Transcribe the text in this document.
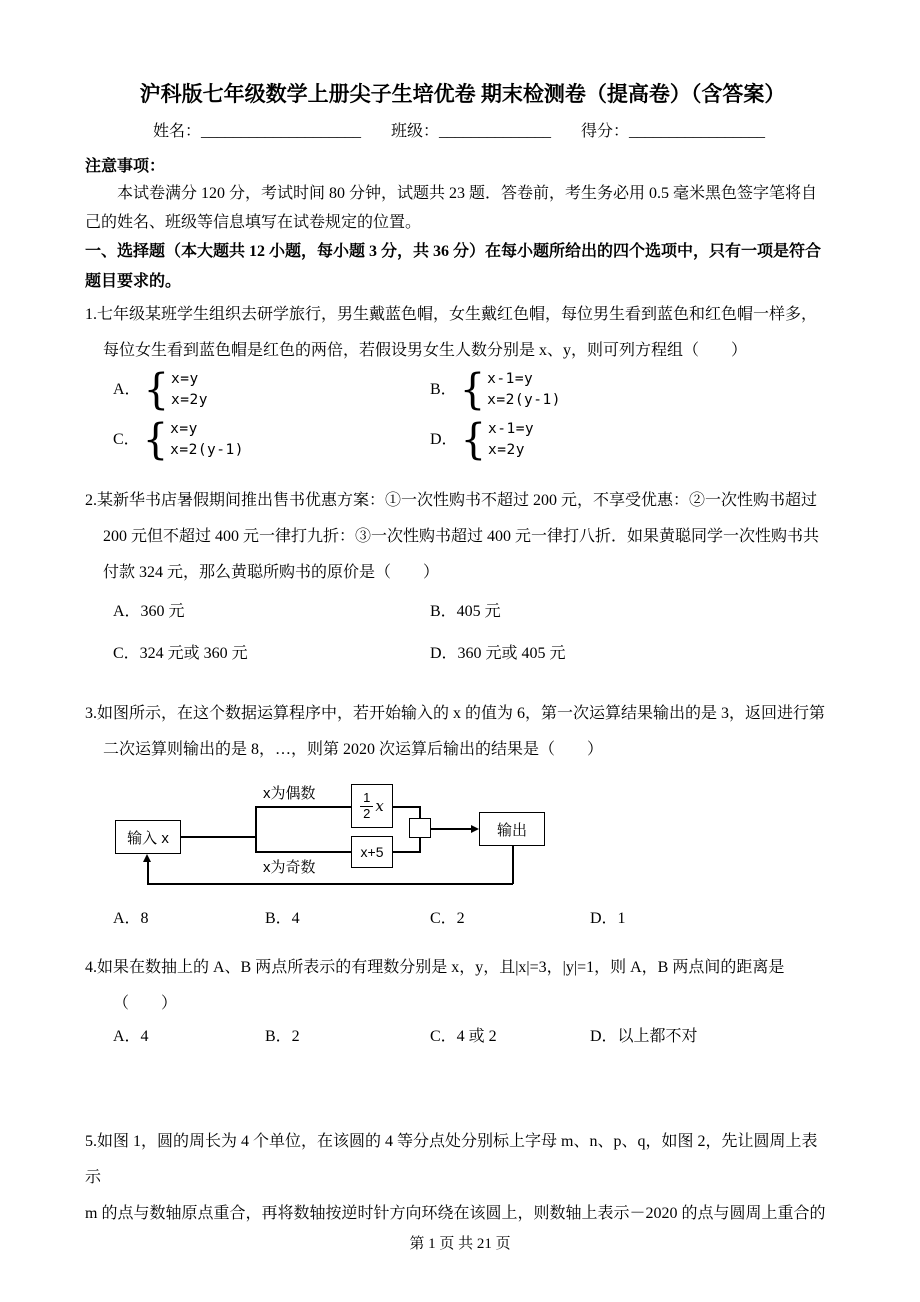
沪科版七年级数学上册尖子生培优卷 期末检测卷（提高卷）（含答案）
姓名：____________________ 班级：______________ 得分：_________________
注意事项：
本试卷满分 120 分，考试时间 80 分钟，试题共 23 题．答卷前，考生务必用 0.5 毫米黑色签字笔将自
己的姓名、班级等信息填写在试卷规定的位置。
一、选择题（本大题共 12 小题，每小题 3 分，共 36 分）在每小题所给出的四个选项中，只有一项是符合
题目要求的。
1.七年级某班学生组织去研学旅行，男生戴蓝色帽，女生戴红色帽，每位男生看到蓝色和红色帽一样多，
每位女生看到蓝色帽是红色的两倍，若假设男女生人数分别是 x、y，则可列方程组（　　）
A． { x=y
x=2y
B． { x-1=y
x=2(y-1)
C． { x=y
x=2(y-1)
D． { x-1=y
x=2y
2.某新华书店暑假期间推出售书优惠方案：①一次性购书不超过 200 元，不享受优惠：②一次性购书超过
200 元但不超过 400 元一律打九折：③一次性购书超过 400 元一律打八折．如果黄聪同学一次性购书共
付款 324 元，那么黄聪所购书的原价是（　　）
A．360 元	B．405 元
C．324 元或 360 元	D．360 元或 405 元
3.如图所示，在这个数据运算程序中，若开始输入的 x 的值为 6，第一次运算结果输出的是 3，返回进行第
二次运算则输出的是 8，…，则第 2020 次运算后输出的结果是（　　）
输入 x
$\frac{1}{2}$ x
x+5
输出
x为偶数
x为奇数
A．8	B．4	C．2	D．1
4.如果在数抽上的 A、B 两点所表示的有理数分别是 x，y，且|x|=3，|y|=1，则 A，B 两点间的距离是
（　　）
A．4	B．2	C．4 或 2	D．以上都不对
5.如图 1，圆的周长为 4 个单位，在该圆的 4 等分点处分别标上字母 m、n、p、q，如图 2，先让圆周上表
示
m 的点与数轴原点重合，再将数轴按逆时针方向环绕在该圆上，则数轴上表示－2020 的点与圆周上重合的
第 1 页 共 21 页
